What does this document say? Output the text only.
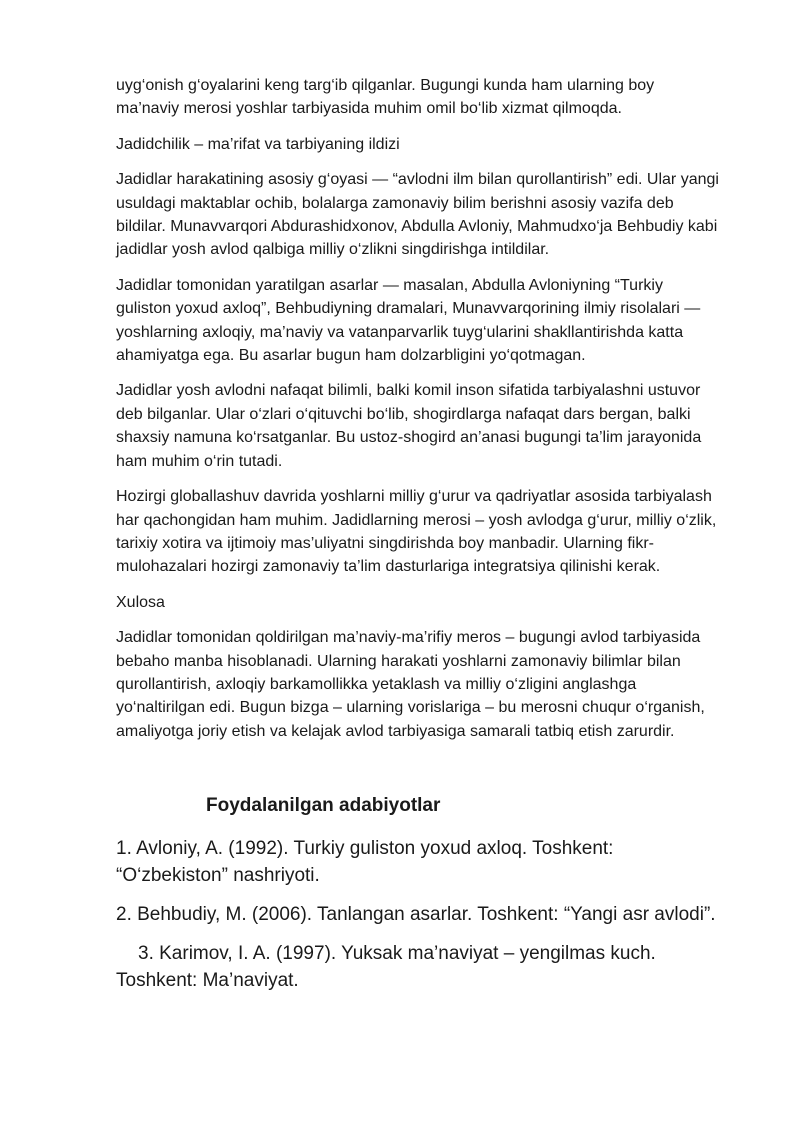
uyg‘onish g‘oyalarini keng targ‘ib qilganlar. Bugungi kunda ham ularning boy ma’naviy merosi yoshlar tarbiyasida muhim omil bo‘lib xizmat qilmoqda.

Jadidchilik – ma’rifat va tarbiyaning ildizi

Jadidlar harakatining asosiy g‘oyasi — “avlodni ilm bilan qurollantirish” edi. Ular yangi usuldagi maktablar ochib, bolalarga zamonaviy bilim berishni asosiy vazifa deb bildilar. Munavvarqori Abdurashidxonov, Abdulla Avloniy, Mahmudxo‘ja Behbudiy kabi jadidlar yosh avlod qalbiga milliy o‘zlikni singdirishga intildilar.

Jadidlar tomonidan yaratilgan asarlar — masalan, Abdulla Avloniyning “Turkiy guliston yoxud axloq”, Behbudiyning dramalari, Munavvarqorining ilmiy risolalari — yoshlarning axloqiy, ma’naviy va vatanparvarlik tuyg‘ularini shakllantirishda katta ahamiyatga ega. Bu asarlar bugun ham dolzarbligini yo‘qotmagan.

Jadidlar yosh avlodni nafaqat bilimli, balki komil inson sifatida tarbiyalashni ustuvor deb bilganlar. Ular o‘zlari o‘qituvchi bo‘lib, shogirdlarga nafaqat dars bergan, balki shaxsiy namuna ko‘rsatganlar. Bu ustoz-shogird an’anasi bugungi ta’lim jarayonida ham muhim o‘rin tutadi.

Hozirgi globallashuv davrida yoshlarni milliy g‘urur va qadriyatlar asosida tarbiyalash har qachongidan ham muhim. Jadidlarning merosi – yosh avlodga g‘urur, milliy o‘zlik, tarixiy xotira va ijtimoiy mas’uliyatni singdirishda boy manbadir. Ularning fikr-mulohazalari hozirgi zamonaviy ta’lim dasturlariga integratsiya qilinishi kerak.

Xulosa

Jadidlar tomonidan qoldirilgan ma’naviy-ma’rifiy meros – bugungi avlod tarbiyasida bebaho manba hisoblanadi. Ularning harakati yoshlarni zamonaviy bilimlar bilan qurollantirish, axloqiy barkamollikka yetaklash va milliy o‘zligini anglashga yo‘naltirilgan edi. Bugun bizga – ularning vorislariga – bu merosni chuqur o‘rganish, amaliyotga joriy etish va kelajak avlod tarbiyasiga samarali tatbiq etish zarurdir.

Foydalanilgan adabiyotlar

1. Avloniy, A. (1992). Turkiy guliston yoxud axloq. Toshkent: “O‘zbekiston” nashriyoti.

2. Behbudiy, M. (2006). Tanlangan asarlar. Toshkent: “Yangi asr avlodi”.

3. Karimov, I. A. (1997). Yuksak ma’naviyat – yengilmas kuch. Toshkent: Ma’naviyat.
